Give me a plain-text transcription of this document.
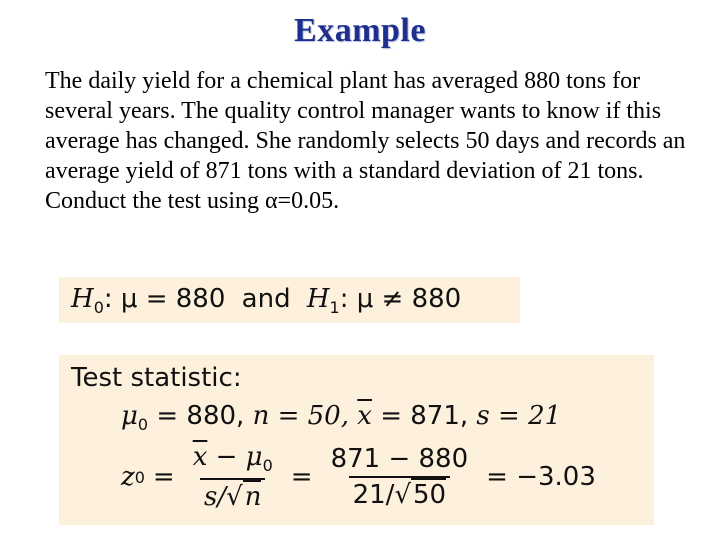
Example
The daily yield for a chemical plant has averaged 880 tons for several years. The quality control manager wants to know if this average has changed. She randomly selects 50 days and records an average yield of 871 tons with a standard deviation of 21 tons. Conduct the test using α=0.05.
$H_0$: μ = 880 and $H_1$: μ ≠ 880
Test statistic:
$\mu_0 = 880$, n = 50, $\overline{x} = 871$, s = 21
z $0 = \frac{\overline{x} - \mu_0}{s/√n} = \frac{871 - 880}{21/√50} = -3.03$
